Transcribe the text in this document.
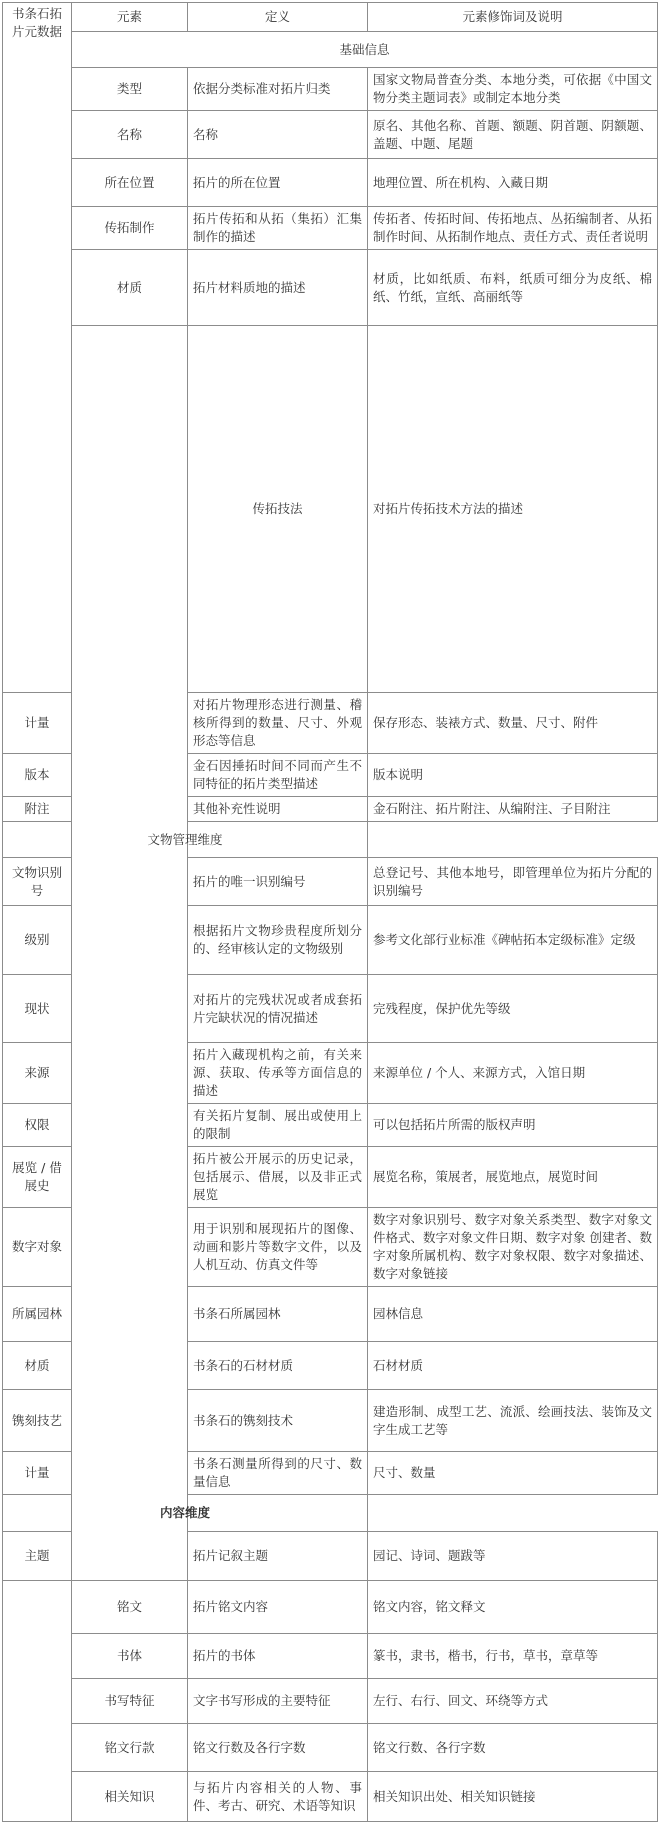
书条石拓片元数据	元素	定义	元素修饰词及说明	
	基础信息			
	类型	依据分类标准对拓片归类	国家文物局普查分类、本地分类，可依据《中国文物分类主题词表》或制定本地分类	
	名称	名称	原名、其他名称、首题、额题、阴首题、阴额题、盖题、中题、尾题	
	所在位置	拓片的所在位置	地理位置、所在机构、入藏日期	
	传拓制作	拓片传拓和从拓（集拓）汇集制作的描述	传拓者、传拓时间、传拓地点、丛拓编制者、从拓制作时间、从拓制作地点、责任方式、责任者说明	
	材质	拓片材料质地的描述	材质，比如纸质、布料，纸质可细分为皮纸、棉纸、竹纸，宣纸、高丽纸等	
		传拓技法	对拓片传拓技术方法的描述	
计量		对拓片物理形态进行测量、稽核所得到的数量、尺寸、外观形态等信息	保存形态、装裱方式、数量、尺寸、附件	
版本		金石因捶拓时间不同而产生不同特征的拓片类型描述	版本说明	
附注		其他补充性说明	金石附注、拓片附注、从编附注、子目附注	
文物管理维度				
文物识别号		拓片的唯一识别编号	总登记号、其他本地号，即管理单位为拓片分配的识别编号	
级别		根据拓片文物珍贵程度所划分的、经审核认定的文物级别	参考文化部行业标准《碑帖拓本定级标准》定级	
现状		对拓片的完残状况或者成套拓片完缺状况的情况描述	完残程度，保护优先等级	
来源		拓片入藏现机构之前，有关来源、获取、传承等方面信息的描述	来源单位 / 个人、来源方式，入馆日期	
权限		有关拓片复制、展出或使用上的限制	可以包括拓片所需的版权声明	
展览 / 借展史		拓片被公开展示的历史记录，包括展示、借展，以及非正式展览	展览名称，策展者，展览地点，展览时间	
数字对象		用于识别和展现拓片的图像、动画和影片等数字文件，以及人机互动、仿真文件等	数字对象识别号、数字对象关系类型、数字对象文件格式、数字对象文件日期、数字对象 创建者、数字对象所属机构、数字对象权限、数字对象描述、数字对象链接	
所属园林		书条石所属园林	园林信息	
材质		书条石的石材材质	石材材质	
镌刻技艺		书条石的镌刻技术	建造形制、成型工艺、流派、绘画技法、装饰及文字生成工艺等	
计量		书条石测量所得到的尺寸、数量信息	尺寸、数量	
内容维度				
主题		拓片记叙主题	园记、诗词、题跋等	
	铭文	拓片铭文内容	铭文内容，铭文释文	
	书体	拓片的书体	篆书，隶书，楷书，行书，草书，章草等	
	书写特征	文字书写形成的主要特征	左行、右行、回文、环绕等方式	
	铭文行款	铭文行数及各行字数	铭文行数、各行字数	
	相关知识	与拓片内容相关的人物、事件、考古、研究、术语等知识	相关知识出处、相关知识链接	
